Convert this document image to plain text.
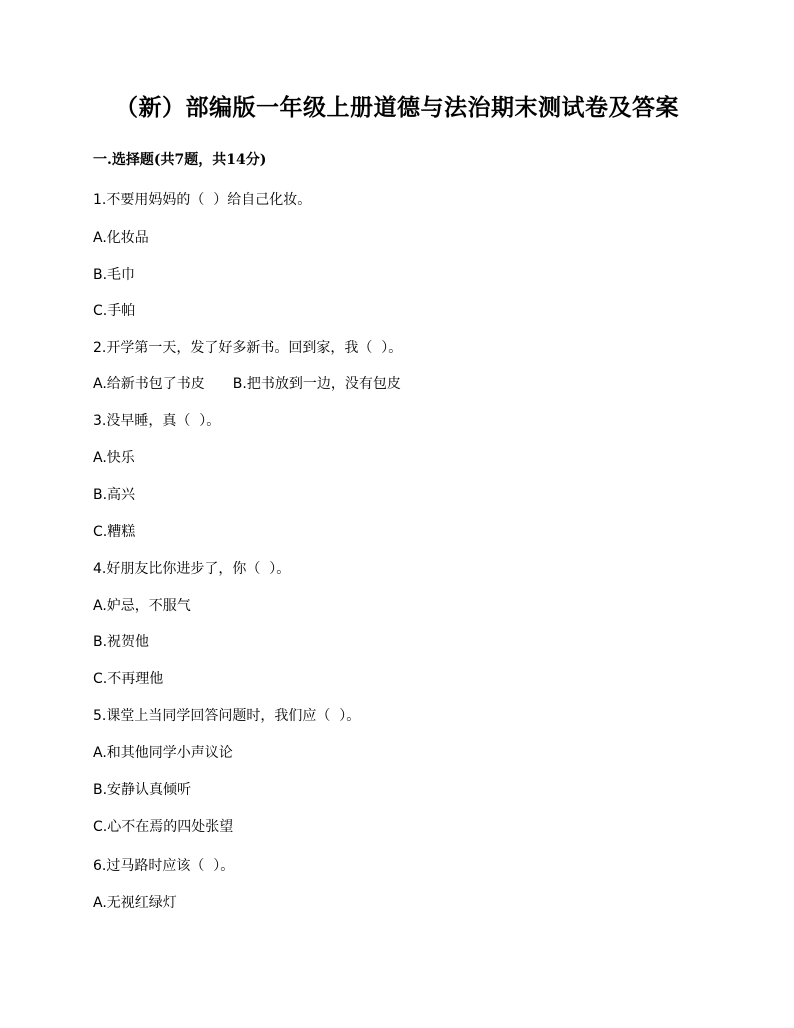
（新）部编版一年级上册道德与法治期末测试卷及答案
一.选择题(共7题，共14分)
1.不要用妈妈的（  ）给自己化妆。
A.化妆品
B.毛巾
C.手帕
2.开学第一天，发了好多新书。回到家，我（  ）。
A.给新书包了书皮 B.把书放到一边，没有包皮
3.没早睡，真（  ）。
A.快乐
B.高兴
C.糟糕
4.好朋友比你进步了，你（  ）。
A.妒忌，不服气
B.祝贺他
C.不再理他
5.课堂上当同学回答问题时，我们应（  ）。
A.和其他同学小声议论
B.安静认真倾听
C.心不在焉的四处张望
6.过马路时应该（  ）。
A.无视红绿灯
